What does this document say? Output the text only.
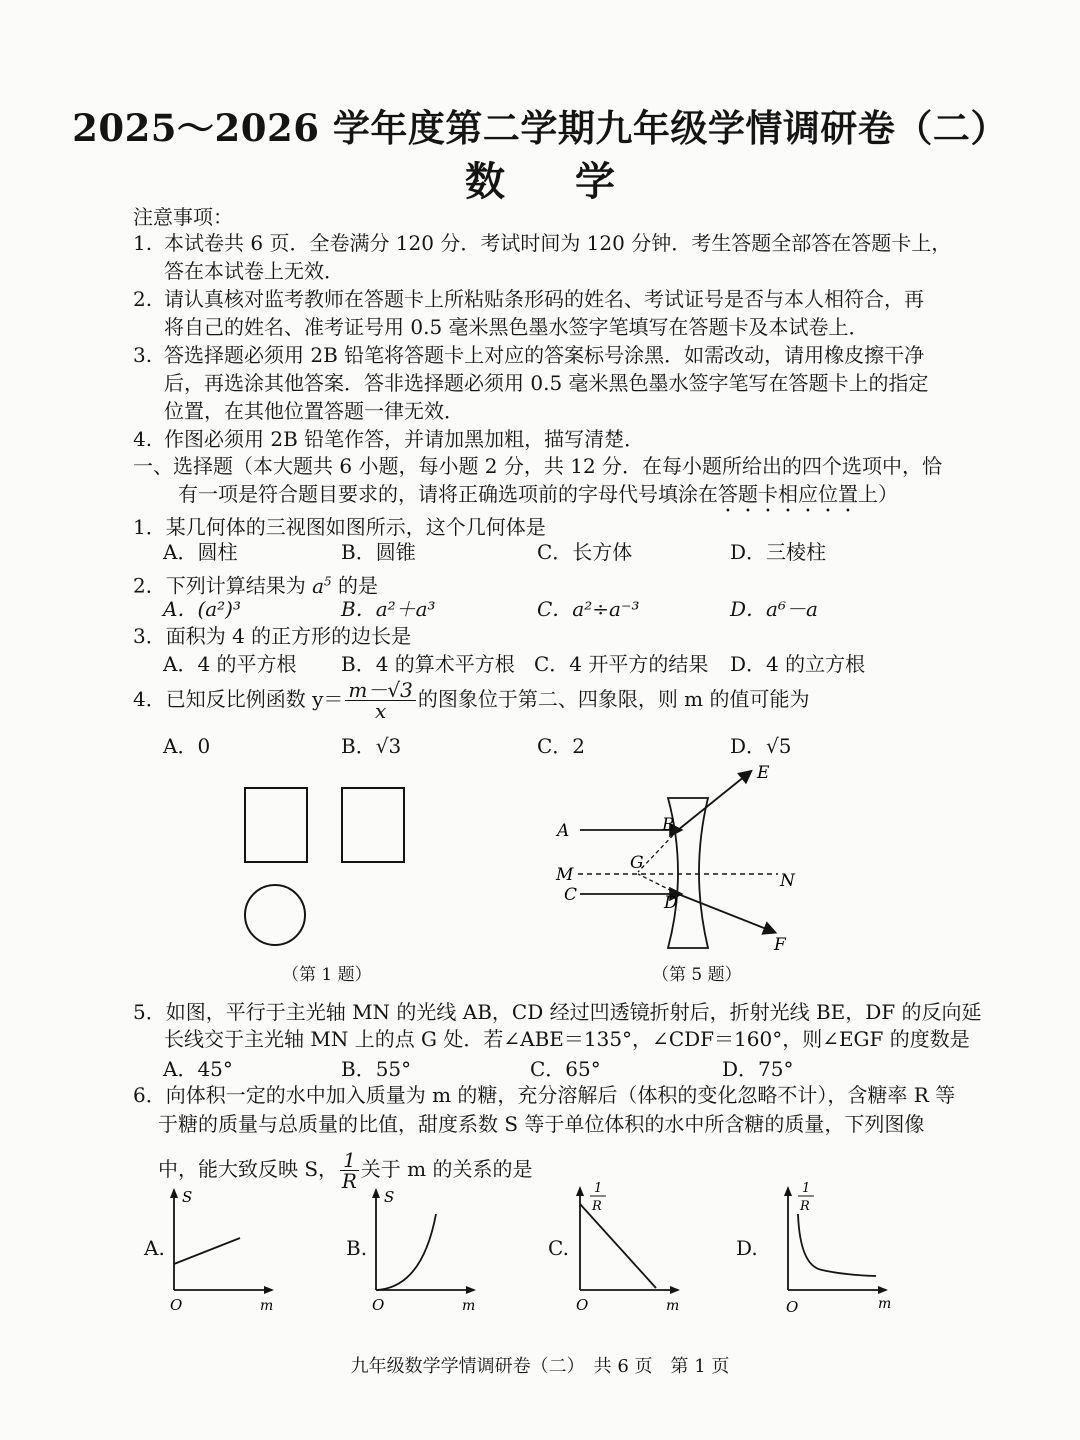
2025～2026 学年度第二学期九年级学情调研卷（二）
数 学
注意事项：
1. 本试卷共 6 页．全卷满分 120 分．考试时间为 120 分钟．考生答题全部答在答题卡上，
答在本试卷上无效．
2. 请认真核对监考教师在答题卡上所粘贴条形码的姓名、考试证号是否与本人相符合，再
将自己的姓名、准考证号用 0.5 毫米黑色墨水签字笔填写在答题卡及本试卷上．
3. 答选择题必须用 2B 铅笔将答题卡上对应的答案标号涂黑．如需改动，请用橡皮擦干净
后，再选涂其他答案．答非选择题必须用 0.5 毫米黑色墨水签字笔写在答题卡上的指定
位置，在其他位置答题一律无效．
4. 作图必须用 2B 铅笔作答，并请加黑加粗，描写清楚．
一、选择题（本大题共 6 小题，每小题 2 分，共 12 分．在每小题所给出的四个选项中，恰
有一项是符合题目要求的，请将正确选项前的字母代号填涂在答题卡相应位置上）
1．某几何体的三视图如图所示，这个几何体是
A．圆柱	B．圆锥	C．长方体	D．三棱柱
2．下列计算结果为 $a^5$ 的是
A．(a²)³	B．a²＋a³	C．a²÷a⁻³	D．a⁶－a
3．面积为 4 的正方形的边长是
A．4 的平方根 B．4 的算术平方根 C．4 开平方的结果 D．4 的立方根
4．已知反比例函数 $y= \frac{m-√3}{x}$ 的图象位于第二、四象限，则 m 的值可能为
A．0	B．√3	C．2	D．√5
（第 1 题）
A	B
G
M
C	D
E
N
F
（第 5 题）
5．如图，平行于主光轴 MN 的光线 AB，CD 经过凹透镜折射后，折射光线 BE，DF 的反向延
长线交于主光轴 MN 上的点 G 处．若∠ABE＝135°，∠CDF＝160°，则∠EGF 的度数是
A．45°	B．55°	C．65°	D．75°
6．向体积一定的水中加入质量为 m 的糖，充分溶解后（体积的变化忽略不计），含糖率 R 等
于糖的质量与总质量的比值，甜度系数 S 等于单位体积的水中所含糖的质量，下列图像
中，能大致反映 S， $\frac{1}{R}$ 关于 m 的关系的是
A.
S
O	m
B.
S
O	m
C.
1
R
O	m
D.
1
R
O	m
九年级数学学情调研卷（二）　共 6 页　第 1 页
